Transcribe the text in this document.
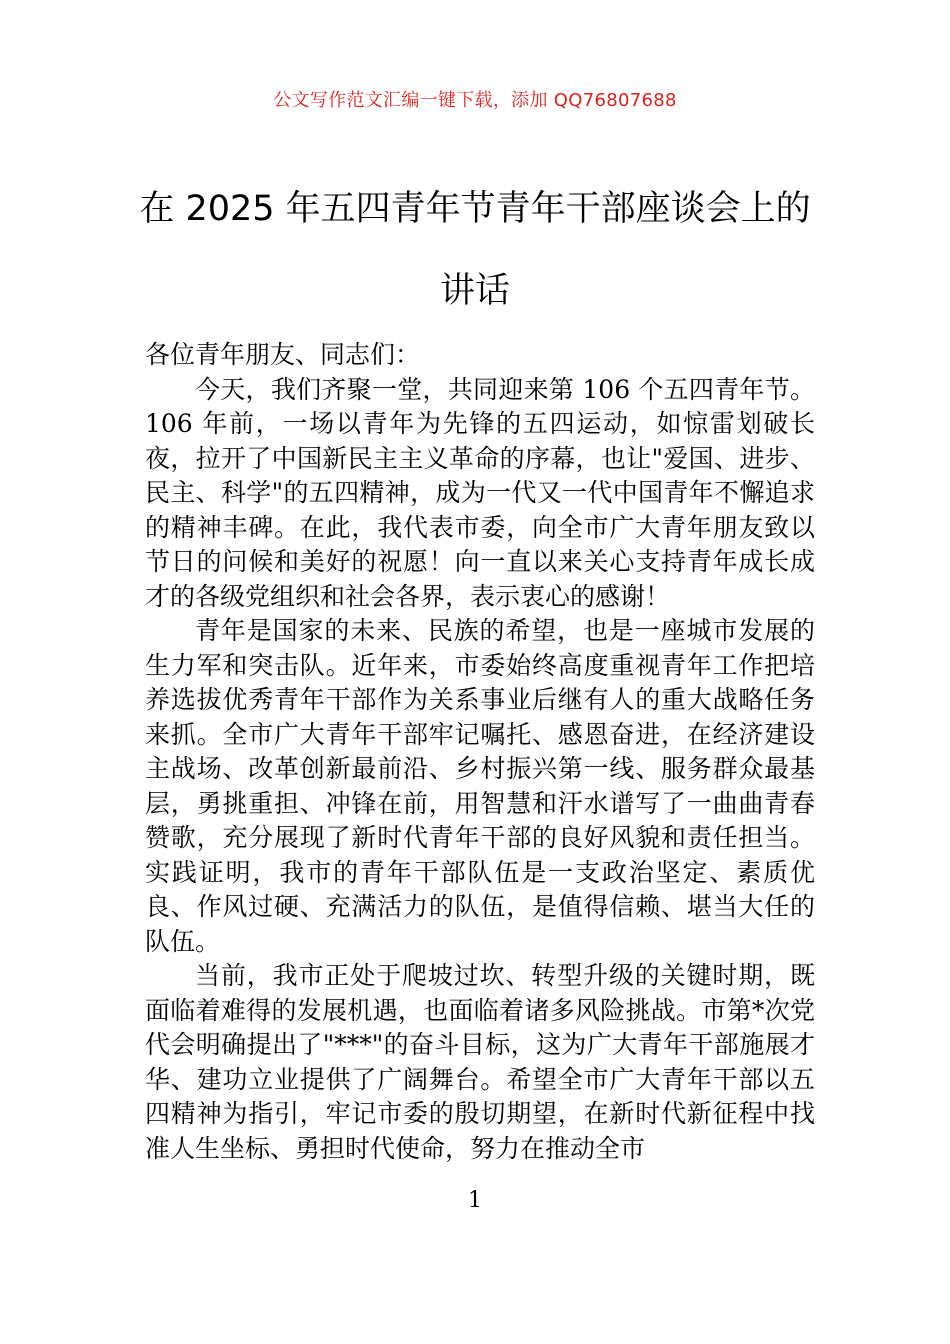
公文写作范文汇编一键下载，添加 QQ76807688
在 2025 年五四青年节青年干部座谈会上的
讲话

各位青年朋友、同志们：

今天，我们齐聚一堂，共同迎来第 106 个五四青年节。106 年前，一场以青年为先锋的五四运动，如惊雷划破长夜，拉开了中国新民主主义革命的序幕，也让"爱国、进步、民主、科学"的五四精神，成为一代又一代中国青年不懈追求的精神丰碑。在此，我代表市委，向全市广大青年朋友致以节日的问候和美好的祝愿！向一直以来关心支持青年成长成才的各级党组织和社会各界，表示衷心的感谢！

青年是国家的未来、民族的希望，也是一座城市发展的生力军和突击队。近年来，市委始终高度重视青年工作把培养选拔优秀青年干部作为关系事业后继有人的重大战略任务来抓。全市广大青年干部牢记嘱托、感恩奋进，在经济建设主战场、改革创新最前沿、乡村振兴第一线、服务群众最基层，勇挑重担、冲锋在前，用智慧和汗水谱写了一曲曲青春赞歌，充分展现了新时代青年干部的良好风貌和责任担当。实践证明，我市的青年干部队伍是一支政治坚定、素质优良、作风过硬、充满活力的队伍，是值得信赖、堪当大任的队伍。

当前，我市正处于爬坡过坎、转型升级的关键时期，既面临着难得的发展机遇，也面临着诸多风险挑战。市第*次党代会明确提出了"***"的奋斗目标，这为广大青年干部施展才华、建功立业提供了广阔舞台。希望全市广大青年干部以五四精神为指引，牢记市委的殷切期望，在新时代新征程中找准人生坐标、勇担时代使命，努力在推动全市

1
